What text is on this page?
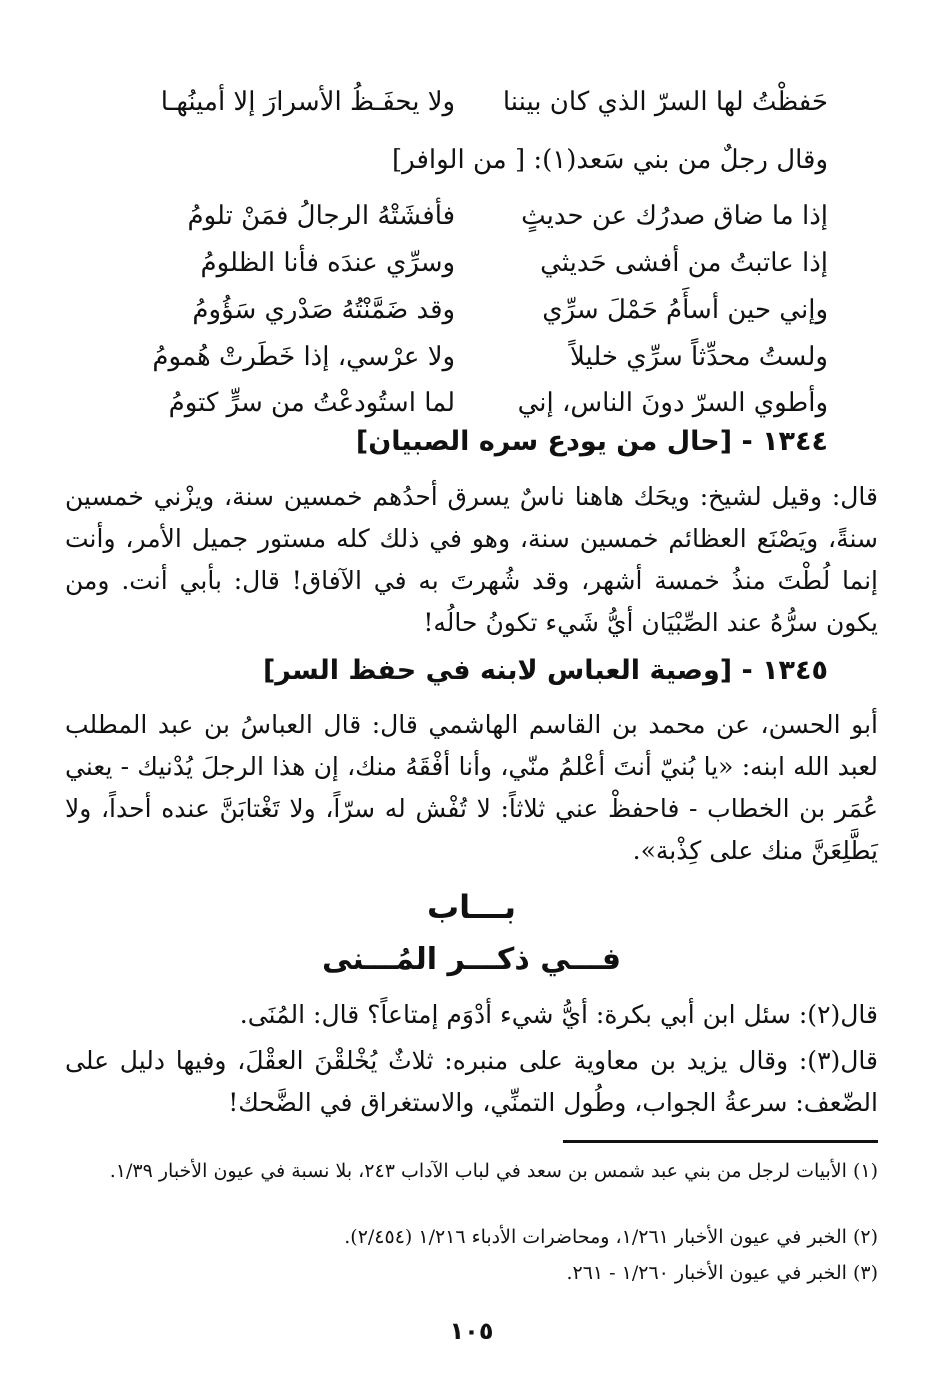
حَفظْتُ لها السرّ الذي كان بيننا
ولا يحفَـظُ الأسرارَ إلا أمينُهـا
وقال رجلٌ من بني سَعد(١): [ من الوافر]
إذا ما ضاق صدرُك عن حديثٍ
فأفشَتْهُ الرجالُ فمَنْ تلومُ
إذا عاتبتُ من أفشى حَديثي
وسرِّي عندَه فأنا الظلومُ
وإني حين أسأَمُ حَمْلَ سرِّي
وقد ضَمَّنْتُهُ صَدْري سَؤُومُ
ولستُ محدِّثاً سرِّي خليلاً
ولا عرْسي، إذا خَطَرتْ هُمومُ
وأطوي السرّ دونَ الناس، إني
لما استُودعْتُ من سرٍّ كتومُ
١٣٤٤ - [حال من يودع سره الصبيان]
قال: وقيل لشيخ: ويحَك هاهنا ناسٌ يسرق أحدُهم خمسين سنة، ويزْني خمسين سنةً، ويَصْنَع العظائم خمسين سنة، وهو في ذلك كله مستور جميل الأمر، وأنت إنما لُطْتَ منذُ خمسة أشهر، وقد شُهرتَ به في الآفاق! قال: بأبي أنت. ومن يكون سرُّهُ عند الصِّبْيَان أيُّ شَيء تكونُ حالُه!
١٣٤٥ - [وصية العباس لابنه في حفظ السر]
أبو الحسن، عن محمد بن القاسم الهاشمي قال: قال العباسُ بن عبد المطلب لعبد الله ابنه: «يا بُنيّ أنتَ أعْلمُ منّي، وأنا أفْقَهُ منك، إن هذا الرجلَ يُدْنيك - يعني عُمَر بن الخطاب - فاحفظْ عني ثلاثاً: لا تُفْش له سرّاً، ولا تَغْتابَنَّ عنده أحداً، ولا يَطَّلِعَنَّ منك على كِذْبة».
بـــاب
فـــي ذكـــر المُـــنى
قال(٢): سئل ابن أبي بكرة: أيُّ شيء أدْوَم إمتاعاً؟ قال: المُنَى.
قال(٣): وقال يزيد بن معاوية على منبره: ثلاثٌ يُخْلقْنَ العقْلَ، وفيها دليل على الضّعف: سرعةُ الجواب، وطُول التمنِّي، والاستغراق في الضَّحك!
(١) الأبيات لرجل من بني عبد شمس بن سعد في لباب الآداب ٢٤٣، بلا نسبة في عيون الأخبار ١/٣٩.
(٢) الخبر في عيون الأخبار ١/٢٦١، ومحاضرات الأدباء ١/٢١٦ (٢/٤٥٤).
(٣) الخبر في عيون الأخبار ١/٢٦٠ - ٢٦١.
١٠٥
